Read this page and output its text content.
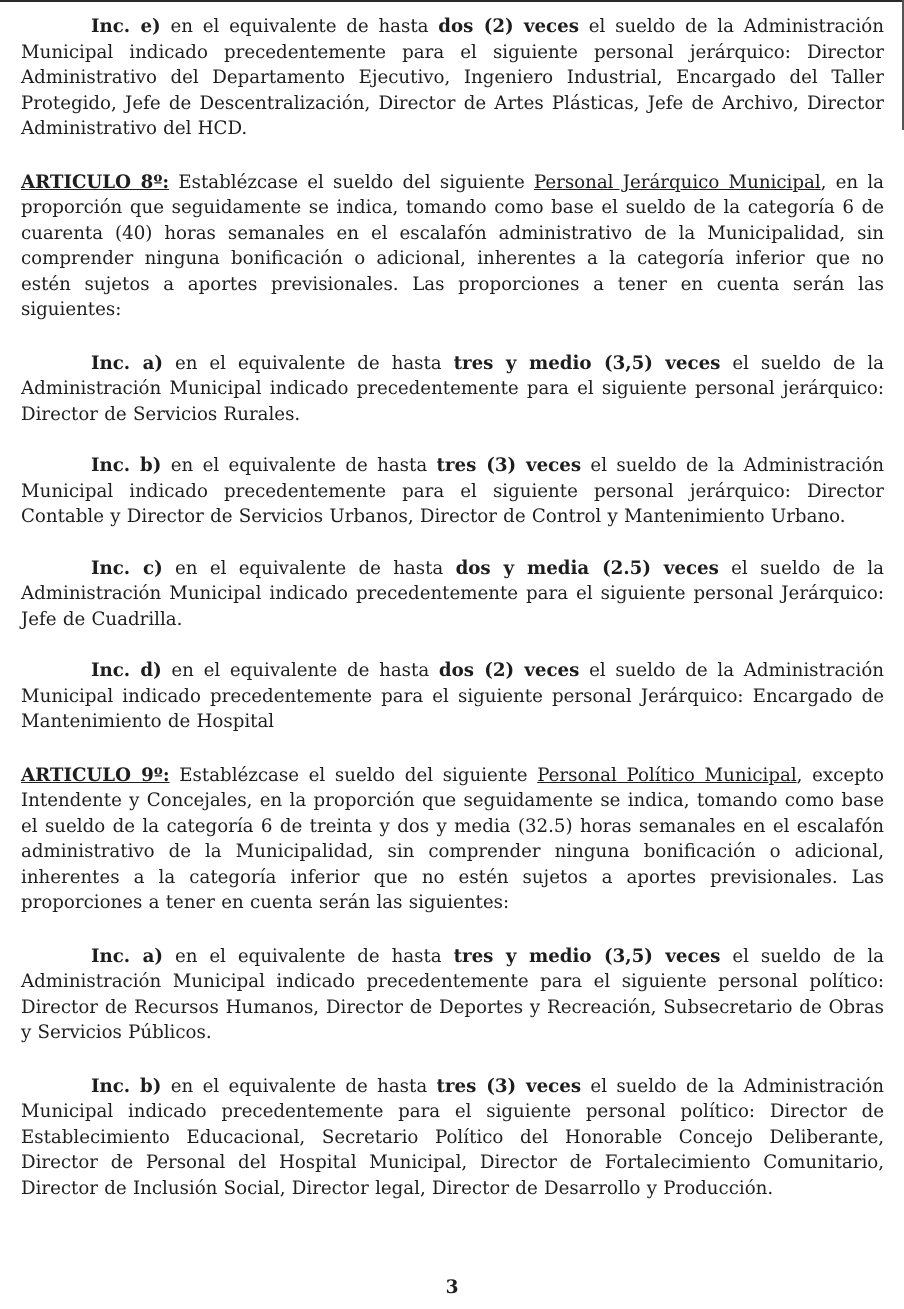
Inc. e) en el equivalente de hasta dos (2) veces el sueldo de la Administración Municipal indicado precedentemente para el siguiente personal jerárquico: Director Administrativo del Departamento Ejecutivo, Ingeniero Industrial, Encargado del Taller Protegido, Jefe de Descentralización, Director de Artes Plásticas, Jefe de Archivo, Director Administrativo del HCD.

ARTICULO 8º: Establézcase el sueldo del siguiente Personal Jerárquico Municipal, en la proporción que seguidamente se indica, tomando como base el sueldo de la categoría 6 de cuarenta (40) horas semanales en el escalafón administrativo de la Municipalidad, sin comprender ninguna bonificación o adicional, inherentes a la categoría inferior que no estén sujetos a aportes previsionales. Las proporciones a tener en cuenta serán las siguientes:

Inc. a) en el equivalente de hasta tres y medio (3,5) veces el sueldo de la Administración Municipal indicado precedentemente para el siguiente personal jerárquico: Director de Servicios Rurales.

Inc. b) en el equivalente de hasta tres (3) veces el sueldo de la Administración Municipal indicado precedentemente para el siguiente personal jerárquico: Director Contable y Director de Servicios Urbanos, Director de Control y Mantenimiento Urbano.

Inc. c) en el equivalente de hasta dos y media (2.5) veces el sueldo de la Administración Municipal indicado precedentemente para el siguiente personal Jerárquico: Jefe de Cuadrilla.

Inc. d) en el equivalente de hasta dos (2) veces el sueldo de la Administración Municipal indicado precedentemente para el siguiente personal Jerárquico: Encargado de Mantenimiento de Hospital

ARTICULO 9º: Establézcase el sueldo del siguiente Personal Político Municipal, excepto Intendente y Concejales, en la proporción que seguidamente se indica, tomando como base el sueldo de la categoría 6 de treinta y dos y media (32.5) horas semanales en el escalafón administrativo de la Municipalidad, sin comprender ninguna bonificación o adicional, inherentes a la categoría inferior que no estén sujetos a aportes previsionales. Las proporciones a tener en cuenta serán las siguientes:

Inc. a) en el equivalente de hasta tres y medio (3,5) veces el sueldo de la Administración Municipal indicado precedentemente para el siguiente personal político: Director de Recursos Humanos, Director de Deportes y Recreación, Subsecretario de Obras y Servicios Públicos.

Inc. b) en el equivalente de hasta tres (3) veces el sueldo de la Administración Municipal indicado precedentemente para el siguiente personal político: Director de Establecimiento Educacional, Secretario Político del Honorable Concejo Deliberante, Director de Personal del Hospital Municipal, Director de Fortalecimiento Comunitario, Director de Inclusión Social, Director legal, Director de Desarrollo y Producción.

3
